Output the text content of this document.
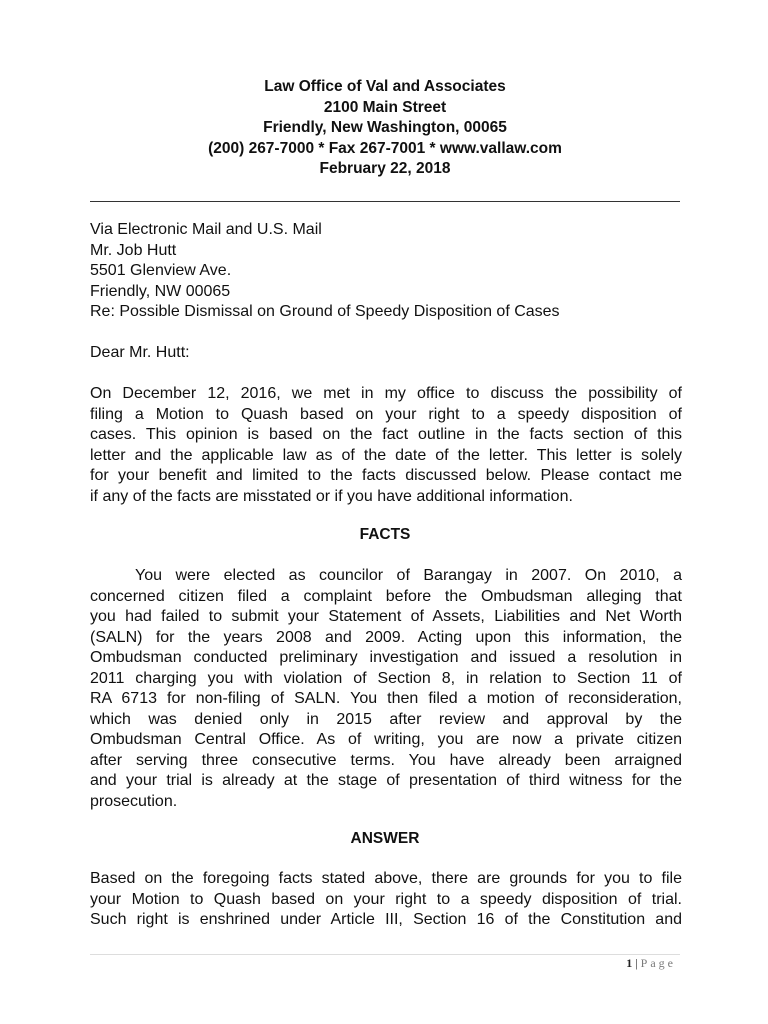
Law Office of Val and Associates
2100 Main Street
Friendly, New Washington, 00065
(200) 267-7000 * Fax 267-7001 * www.vallaw.com
February 22, 2018
Via Electronic Mail and U.S. Mail
Mr. Job Hutt
5501 Glenview Ave.
Friendly, NW 00065
Re: Possible Dismissal on Ground of Speedy Disposition of Cases
Dear Mr. Hutt:
On December 12, 2016, we met in my office to discuss the possibility of
filing a Motion to Quash based on your right to a speedy disposition of
cases. This opinion is based on the fact outline in the facts section of this
letter and the applicable law as of the date of the letter. This letter is solely
for your benefit and limited to the facts discussed below. Please contact me
if any of the facts are misstated or if you have additional information.
FACTS
You were elected as councilor of Barangay in 2007. On 2010, a
concerned citizen filed a complaint before the Ombudsman alleging that
you had failed to submit your Statement of Assets, Liabilities and Net Worth
(SALN) for the years 2008 and 2009. Acting upon this information, the
Ombudsman conducted preliminary investigation and issued a resolution in
2011 charging you with violation of Section 8, in relation to Section 11 of
RA 6713 for non-filing of SALN. You then filed a motion of reconsideration,
which was denied only in 2015 after review and approval by the
Ombudsman Central Office. As of writing, you are now a private citizen
after serving three consecutive terms. You have already been arraigned
and your trial is already at the stage of presentation of third witness for the
prosecution.
ANSWER
Based on the foregoing facts stated above, there are grounds for you to file
your Motion to Quash based on your right to a speedy disposition of trial.
Such right is enshrined under Article III, Section 16 of the Constitution and
1 | Page
